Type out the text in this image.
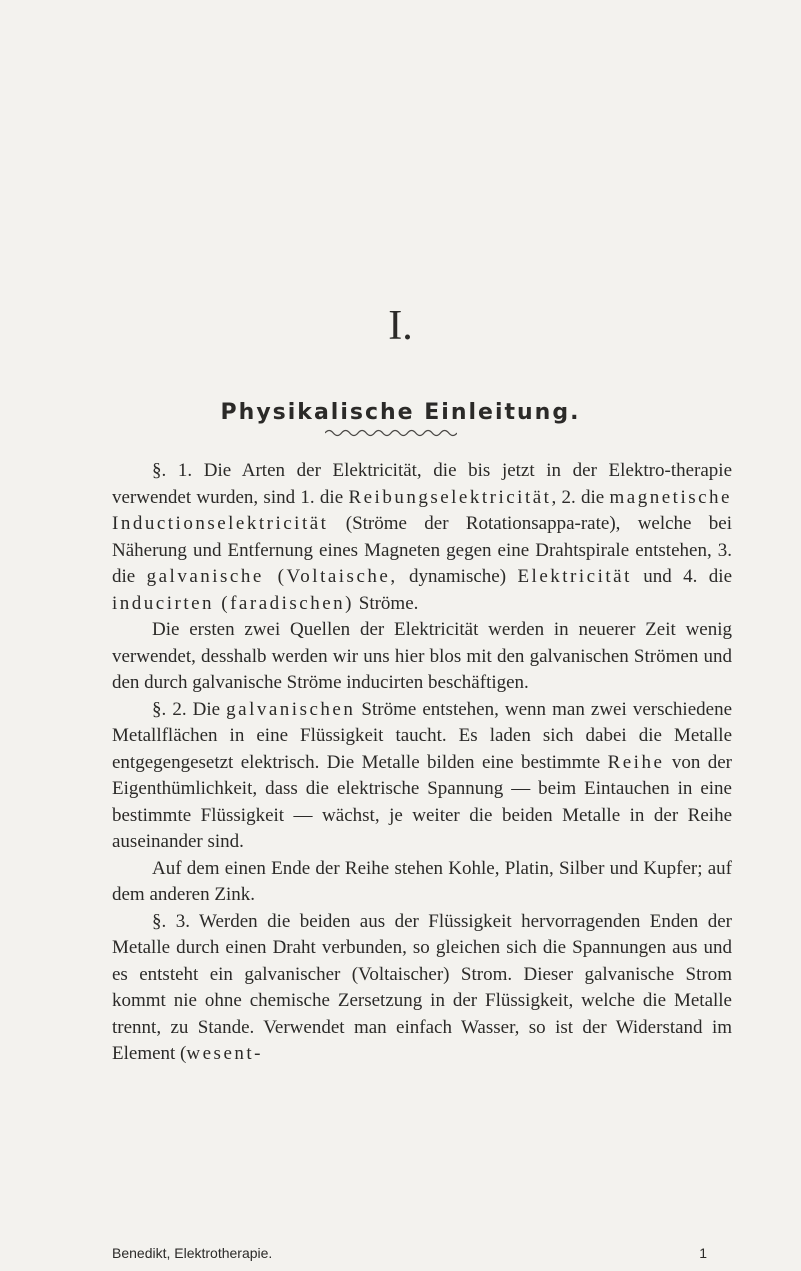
I.
Physikalische Einleitung.

§. 1. Die Arten der Elektricität, die bis jetzt in der Elektro-therapie verwendet wurden, sind 1. die Reibungselektricität, 2. die magnetische Inductionselektricität (Ströme der Rotationsappa-rate), welche bei Näherung und Entfernung eines Magneten gegen eine Drahtspirale entstehen, 3. die galvanische (Voltaische, dynamische) Elektricität und 4. die inducirten (faradischen) Ströme.

Die ersten zwei Quellen der Elektricität werden in neuerer Zeit wenig verwendet, desshalb werden wir uns hier blos mit den galvanischen Strömen und den durch galvanische Ströme inducirten beschäftigen.

§. 2. Die galvanischen Ströme entstehen, wenn man zwei verschiedene Metallflächen in eine Flüssigkeit taucht. Es laden sich dabei die Metalle entgegengesetzt elektrisch. Die Metalle bilden eine bestimmte Reihe von der Eigenthümlichkeit, dass die elektrische Spannung — beim Eintauchen in eine bestimmte Flüssigkeit — wächst, je weiter die beiden Metalle in der Reihe auseinander sind.

Auf dem einen Ende der Reihe stehen Kohle, Platin, Silber und Kupfer; auf dem anderen Zink.

§. 3. Werden die beiden aus der Flüssigkeit hervorragenden Enden der Metalle durch einen Draht verbunden, so gleichen sich die Spannungen aus und es entsteht ein galvanischer (Voltaischer) Strom. Dieser galvanische Strom kommt nie ohne chemische Zersetzung in der Flüssigkeit, welche die Metalle trennt, zu Stande. Verwendet man einfach Wasser, so ist der Widerstand im Element (wesent-

Benedikt, Elektrotherapie.	1
